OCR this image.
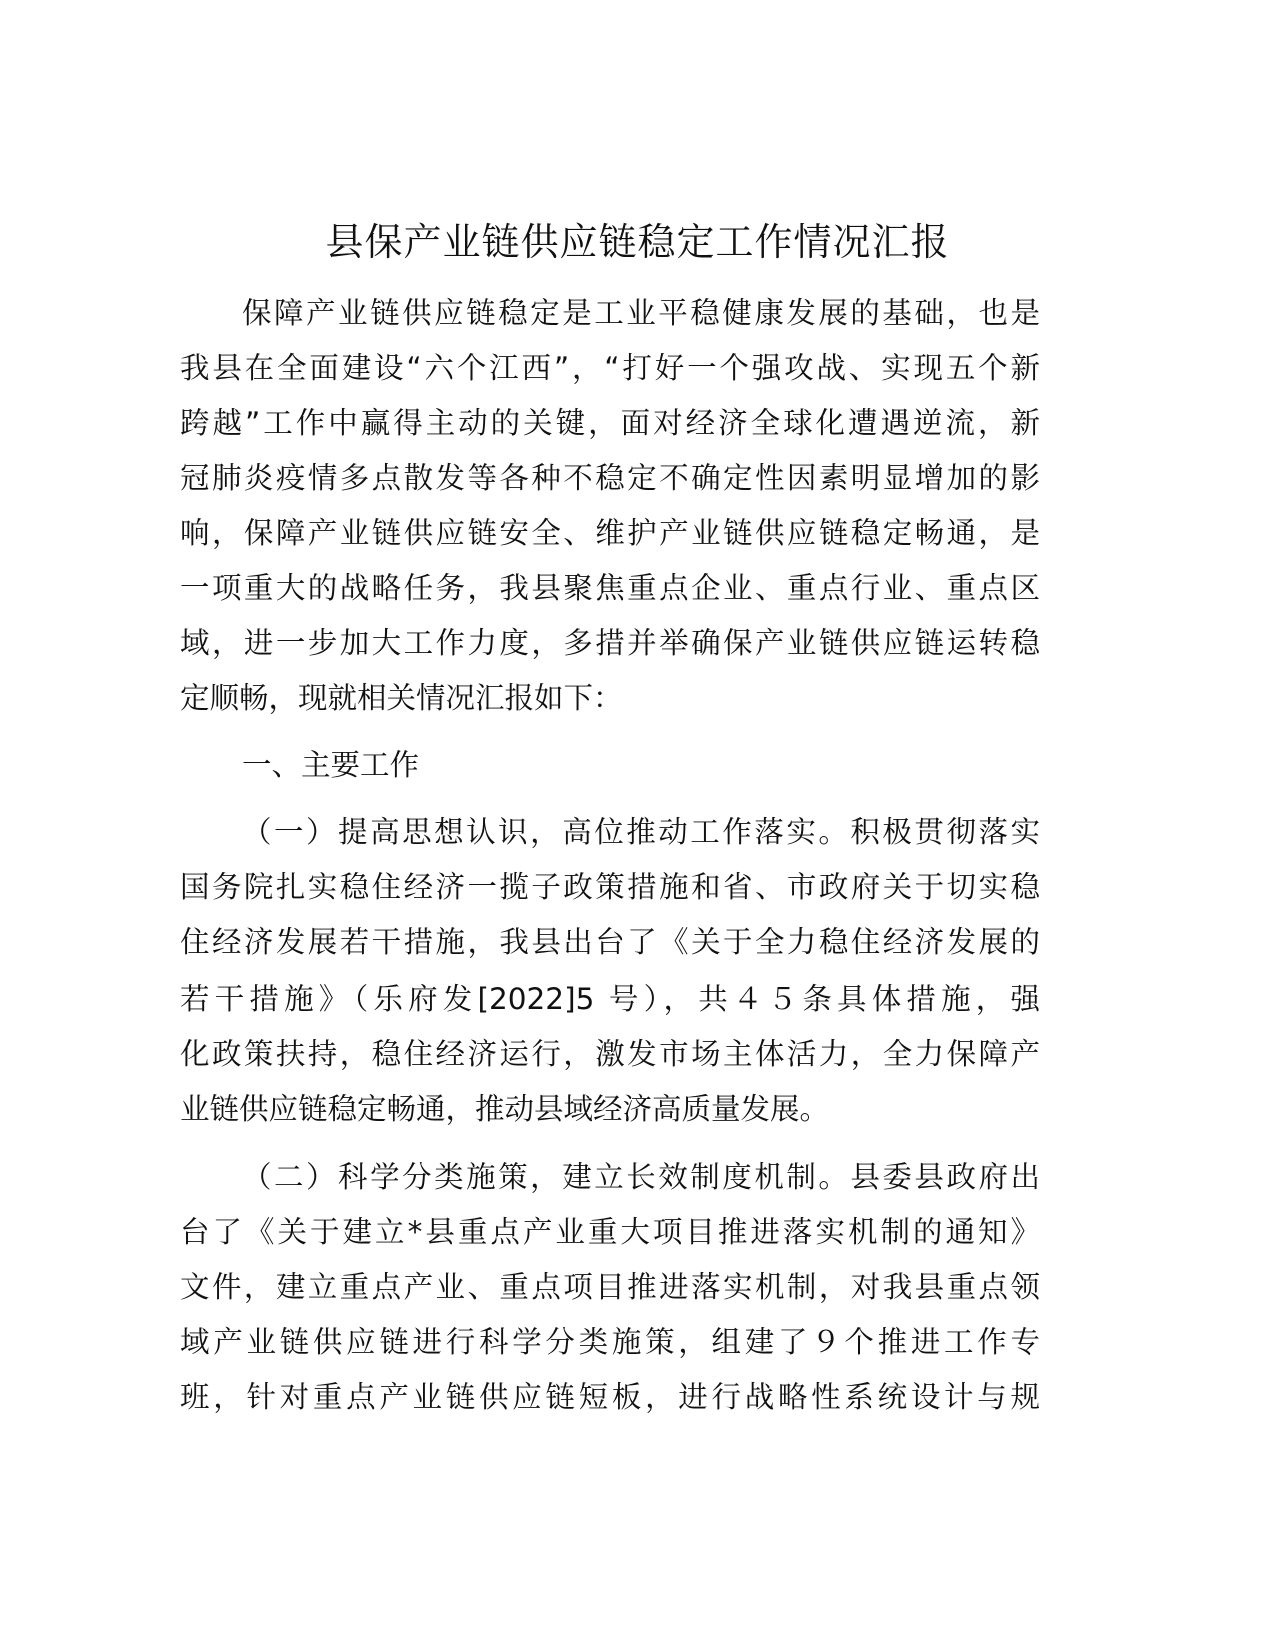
县保产业链供应链稳定工作情况汇报
保障产业链供应链稳定是工业平稳健康发展的基础，也是
我县在全面建设“六个江西”，“打好一个强攻战、实现五个新
跨越”工作中赢得主动的关键，面对经济全球化遭遇逆流，新
冠肺炎疫情多点散发等各种不稳定不确定性因素明显增加的影
响，保障产业链供应链安全、维护产业链供应链稳定畅通，是
一项重大的战略任务，我县聚焦重点企业、重点行业、重点区
域，进一步加大工作力度，多措并举确保产业链供应链运转稳
定顺畅，现就相关情况汇报如下：
一、主要工作
（一）提高思想认识，高位推动工作落实。积极贯彻落实
国务院扎实稳住经济一揽子政策措施和省、市政府关于切实稳
住经济发展若干措施，我县出台了《关于全力稳住经济发展的
若干措施》（乐府发[2022]5 号），共４５条具体措施，强
化政策扶持，稳住经济运行，激发市场主体活力，全力保障产
业链供应链稳定畅通，推动县域经济高质量发展。
（二）科学分类施策，建立长效制度机制。县委县政府出
台了《关于建立*县重点产业重大项目推进落实机制的通知》
文件，建立重点产业、重点项目推进落实机制，对我县重点领
域产业链供应链进行科学分类施策，组建了９个推进工作专
班，针对重点产业链供应链短板，进行战略性系统设计与规
